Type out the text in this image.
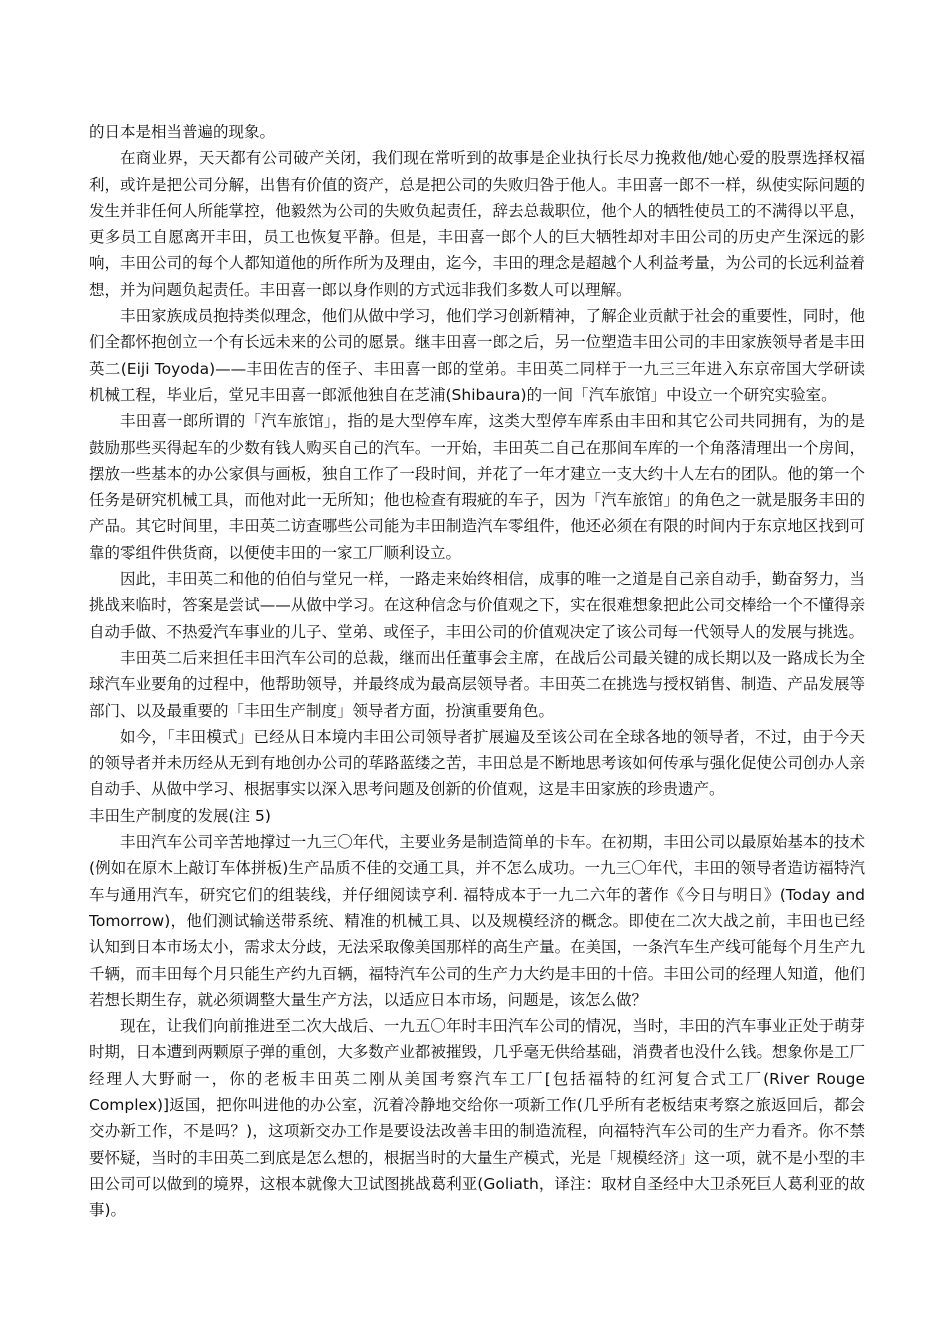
的日本是相当普遍的现象。

在商业界，天天都有公司破产关闭，我们现在常听到的故事是企业执行长尽力挽救他/她心爱的股票选择权福利，或许是把公司分解，出售有价值的资产，总是把公司的失败归咎于他人。丰田喜一郎不一样，纵使实际问题的发生并非任何人所能掌控，他毅然为公司的失败负起责任，辞去总裁职位，他个人的牺牲使员工的不满得以平息，更多员工自愿离开丰田，员工也恢复平静。但是，丰田喜一郎个人的巨大牺牲却对丰田公司的历史产生深远的影响，丰田公司的每个人都知道他的所作所为及理由，迄今，丰田的理念是超越个人利益考量，为公司的长远利益着想，并为问题负起责任。丰田喜一郎以身作则的方式远非我们多数人可以理解。

丰田家族成员抱持类似理念，他们从做中学习，他们学习创新精神，了解企业贡献于社会的重要性，同时，他们全都怀抱创立一个有长远未来的公司的愿景。继丰田喜一郎之后，另一位塑造丰田公司的丰田家族领导者是丰田英二(Eiji Toyoda)——丰田佐吉的侄子、丰田喜一郎的堂弟。丰田英二同样于一九三三年进入东京帝国大学研读机械工程，毕业后，堂兄丰田喜一郎派他独自在芝浦(Shibaura)的一间「汽车旅馆」中设立一个研究实验室。

丰田喜一郎所谓的「汽车旅馆」，指的是大型停车库，这类大型停车库系由丰田和其它公司共同拥有，为的是鼓励那些买得起车的少数有钱人购买自己的汽车。一开始，丰田英二自己在那间车库的一个角落清理出一个房间，摆放一些基本的办公家俱与画板，独自工作了一段时间，并花了一年才建立一支大约十人左右的团队。他的第一个任务是研究机械工具，而他对此一无所知；他也检查有瑕疵的车子，因为「汽车旅馆」的角色之一就是服务丰田的产品。其它时间里，丰田英二访查哪些公司能为丰田制造汽车零组件，他还必须在有限的时间内于东京地区找到可靠的零组件供货商，以便使丰田的一家工厂顺利设立。

因此，丰田英二和他的伯伯与堂兄一样，一路走来始终相信，成事的唯一之道是自己亲自动手，勤奋努力，当挑战来临时，答案是尝试——从做中学习。在这种信念与价值观之下，实在很难想象把此公司交棒给一个不懂得亲自动手做、不热爱汽车事业的儿子、堂弟、或侄子，丰田公司的价值观决定了该公司每一代领导人的发展与挑选。

丰田英二后来担任丰田汽车公司的总裁，继而出任董事会主席，在战后公司最关键的成长期以及一路成长为全球汽车业要角的过程中，他帮助领导，并最终成为最高层领导者。丰田英二在挑选与授权销售、制造、产品发展等部门、以及最重要的「丰田生产制度」领导者方面，扮演重要角色。

如今，「丰田模式」已经从日本境内丰田公司领导者扩展遍及至该公司在全球各地的领导者，不过，由于今天的领导者并未历经从无到有地创办公司的荜路蓝缕之苦，丰田总是不断地思考该如何传承与强化促使公司创办人亲自动手、从做中学习、根据事实以深入思考问题及创新的价值观，这是丰田家族的珍贵遗产。

丰田生产制度的发展(注 5)

丰田汽车公司辛苦地撑过一九三〇年代，主要业务是制造简单的卡车。在初期，丰田公司以最原始基本的技术(例如在原木上敲订车体拼板)生产品质不佳的交通工具，并不怎么成功。一九三〇年代，丰田的领导者造访福特汽车与通用汽车，研究它们的组装线，并仔细阅读亨利. 福特成本于一九二六年的著作《今日与明日》(Today and Tomorrow)，他们测试输送带系统、精准的机械工具、以及规模经济的概念。即使在二次大战之前，丰田也已经认知到日本市场太小，需求太分歧，无法采取像美国那样的高生产量。在美国，一条汽车生产线可能每个月生产九千辆，而丰田每个月只能生产约九百辆，福特汽车公司的生产力大约是丰田的十倍。丰田公司的经理人知道，他们若想长期生存，就必须调整大量生产方法，以适应日本市场，问题是，该怎么做？

现在，让我们向前推进至二次大战后、一九五〇年时丰田汽车公司的情况，当时，丰田的汽车事业正处于萌芽时期，日本遭到两颗原子弹的重创，大多数产业都被摧毁，几乎毫无供给基础，消费者也没什么钱。想象你是工厂经理人大野耐一，你的老板丰田英二刚从美国考察汽车工厂[包括福特的红河复合式工厂(River Rouge Complex)]返国，把你叫进他的办公室，沉着冷静地交给你一项新工作(几乎所有老板结束考察之旅返回后，都会交办新工作，不是吗？)，这项新交办工作是要设法改善丰田的制造流程，向福特汽车公司的生产力看齐。你不禁要怀疑，当时的丰田英二到底是怎么想的，根据当时的大量生产模式，光是「规模经济」这一项，就不是小型的丰田公司可以做到的境界，这根本就像大卫试图挑战葛利亚(Goliath，译注：取材自圣经中大卫杀死巨人葛利亚的故事)。
